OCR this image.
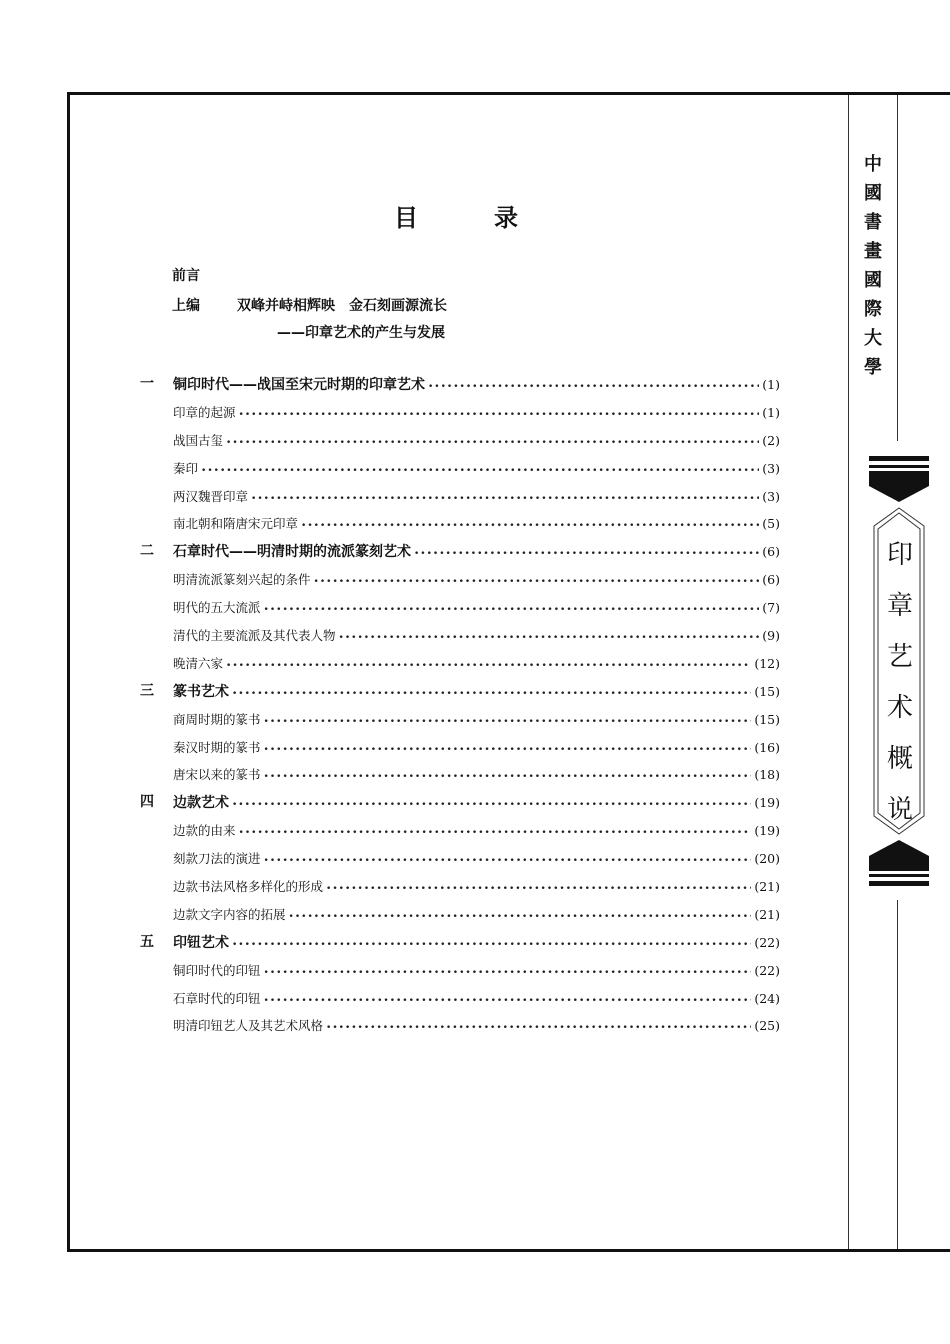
中
國
書
畫
國
際
大
學
印
章
艺
术
概
说
目	录
前言
上编	双峰并峙相辉映　金石刻画源流长
——印章艺术的产生与发展
一	铜印时代——战国至宋元时期的印章艺术 •••••	(1)
印章的起源 •••••	(1)
战国古玺 •••••	(2)
秦印 •••••	(3)
两汉魏晋印章 •••••	(3)
南北朝和隋唐宋元印章 •••••	(5)
二	石章时代——明清时期的流派篆刻艺术 •••••	(6)
明清流派篆刻兴起的条件 •••••	(6)
明代的五大流派 •••••	(7)
清代的主要流派及其代表人物 •••••	(9)
晚清六家 •••••	(12)
三	篆书艺术 •••••	(15)
商周时期的篆书 •••••	(15)
秦汉时期的篆书 •••••	(16)
唐宋以来的篆书 •••••	(18)
四	边款艺术 •••••	(19)
边款的由来 •••••	(19)
刻款刀法的演进 •••••	(20)
边款书法风格多样化的形成 •••••	(21)
边款文字内容的拓展 •••••	(21)
五	印钮艺术 •••••	(22)
铜印时代的印钮 •••••	(22)
石章时代的印钮 •••••	(24)
明清印钮艺人及其艺术风格 •••••	(25)
